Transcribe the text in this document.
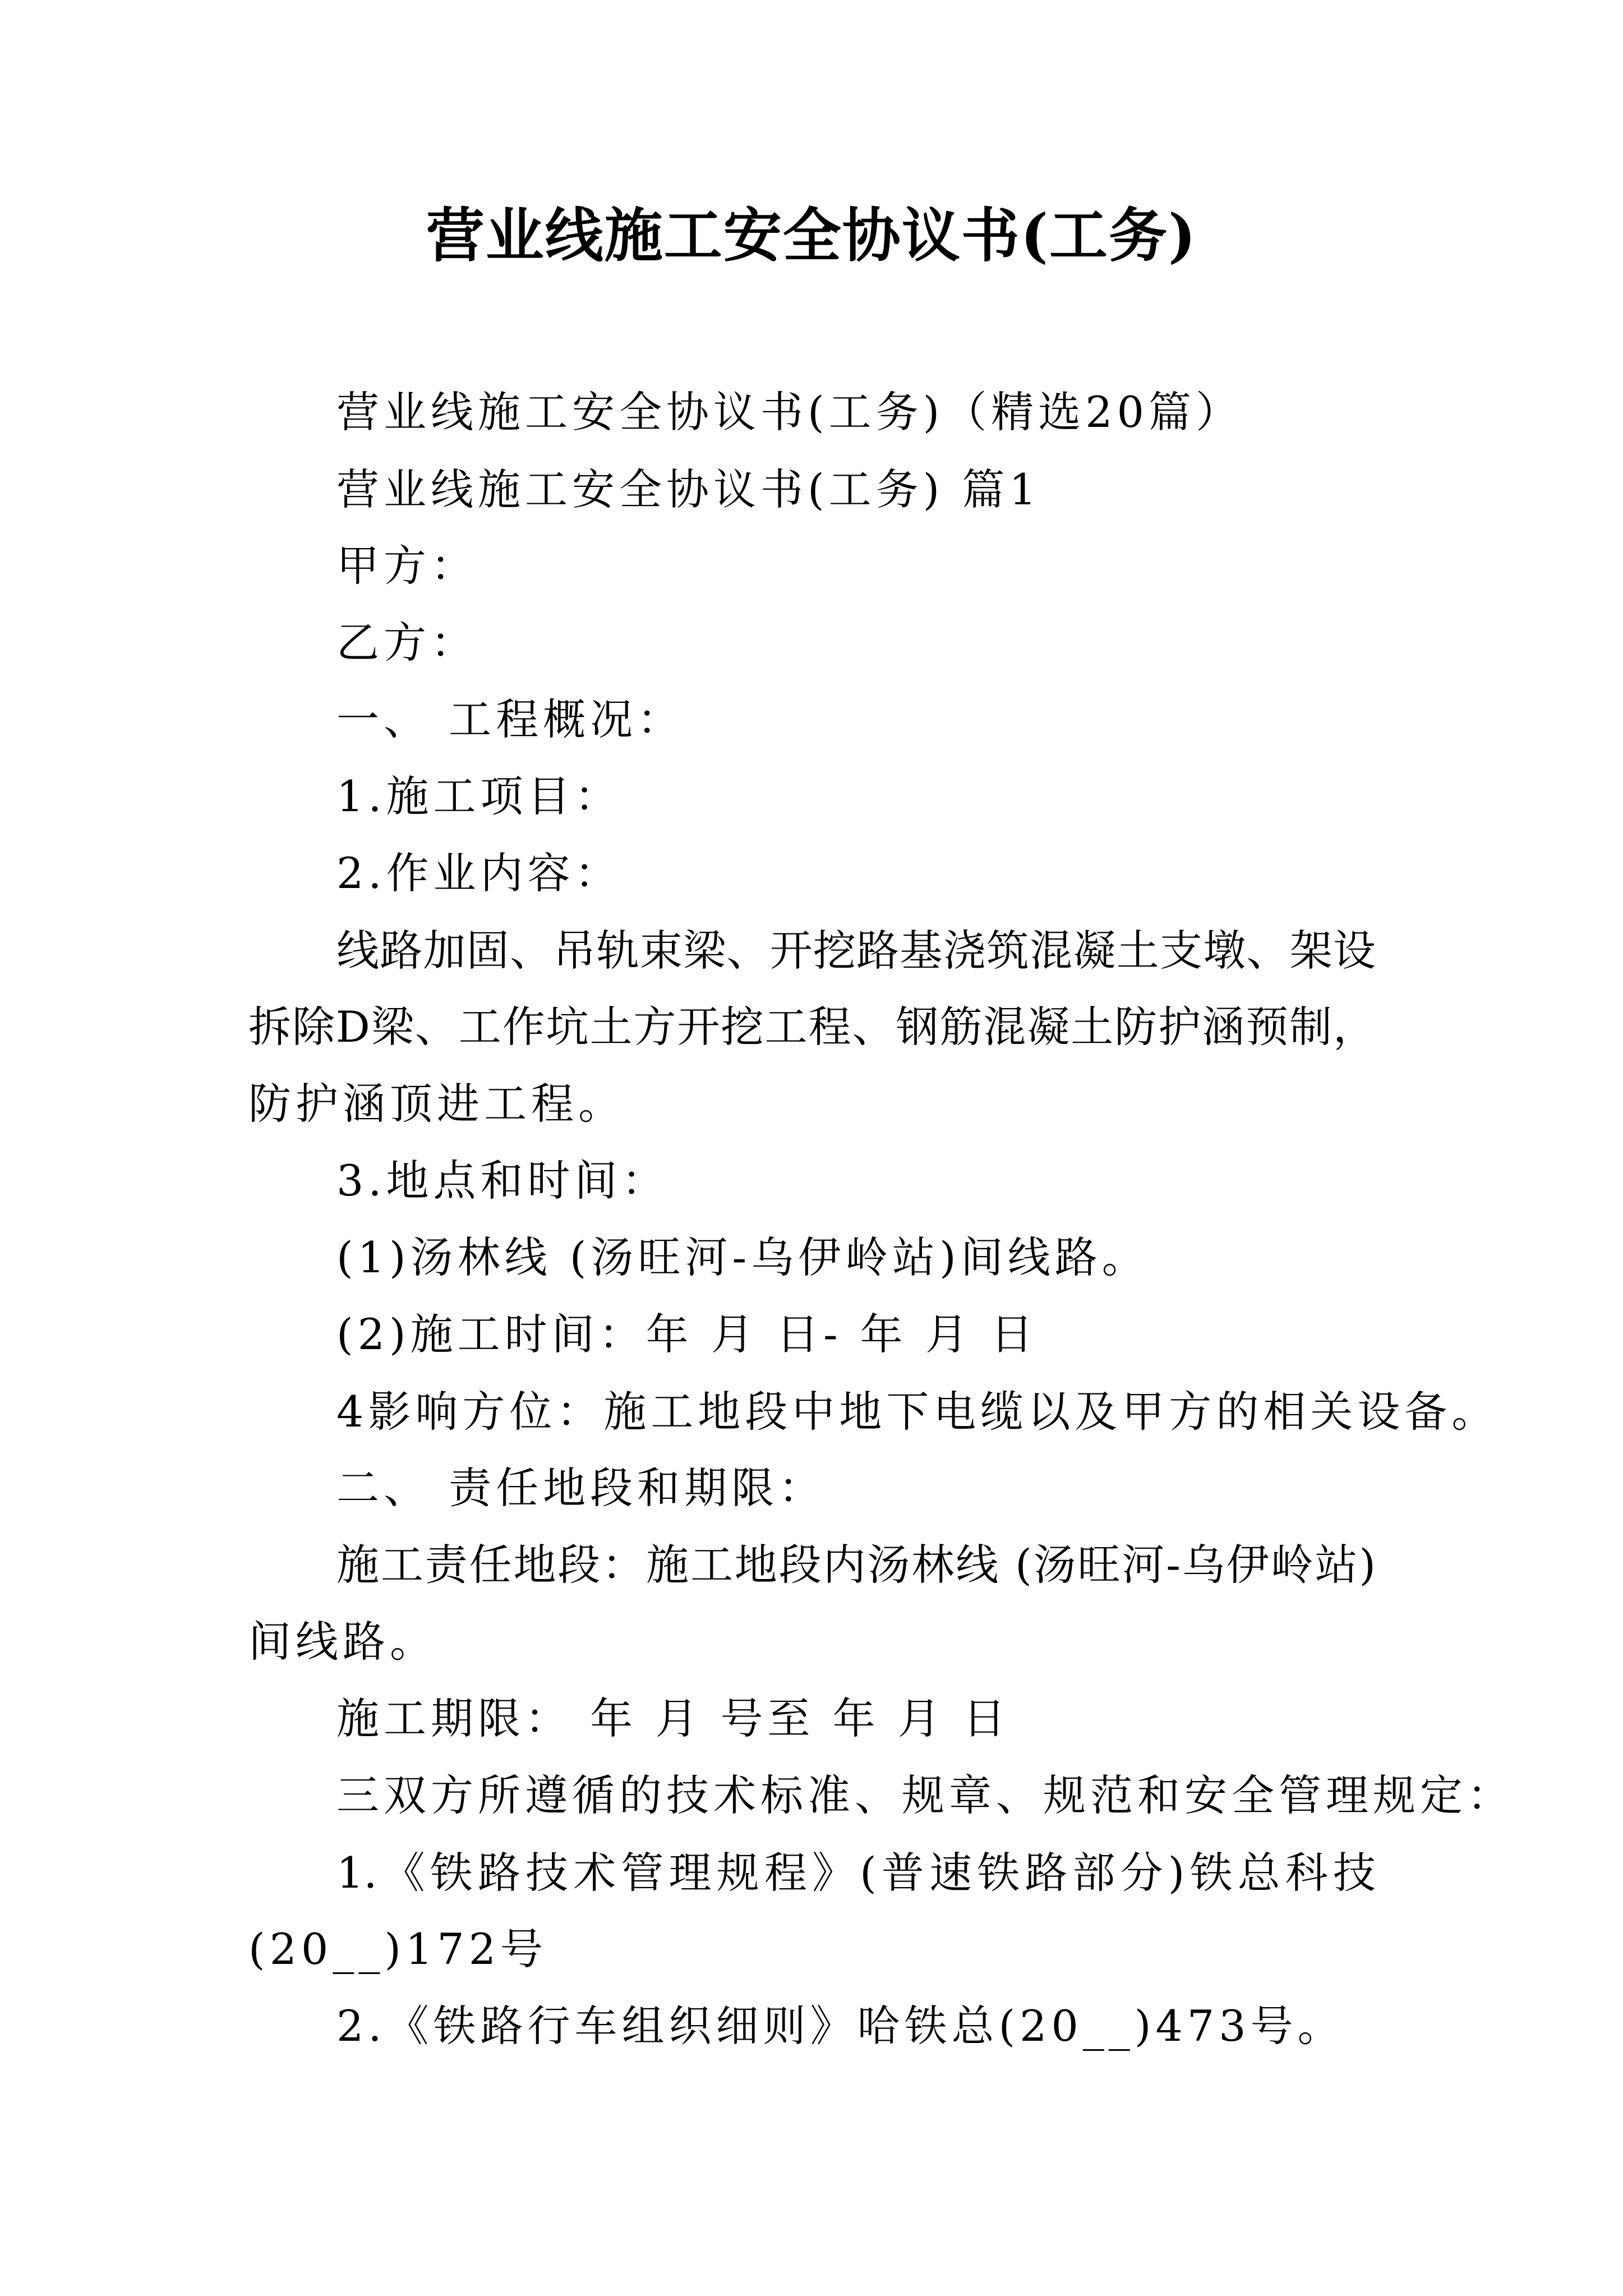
营业线施工安全协议书(工务)
营业线施工安全协议书(工务)（精选20篇）
营业线施工安全协议书(工务) 篇1
甲方：
乙方：
一、 工程概况：
1.施工项目：
2.作业内容：
线路加固、吊轨束梁、开挖路基浇筑混凝土支墩、架设
拆除D梁、工作坑土方开挖工程、钢筋混凝土防护涵预制，
防护涵顶进工程。
3.地点和时间：
(1)汤林线 (汤旺河-乌伊岭站)间线路。
(2)施工时间：年 月 日- 年 月 日
4影响方位：施工地段中地下电缆以及甲方的相关设备。
二、 责任地段和期限：
施工责任地段：施工地段内汤林线 (汤旺河-乌伊岭站)
间线路。
施工期限： 年 月 号至 年 月 日
三双方所遵循的技术标准、规章、规范和安全管理规定：
1.《铁路技术管理规程》(普速铁路部分)铁总科技
(20__)172号
2.《铁路行车组织细则》哈铁总(20__)473号。
